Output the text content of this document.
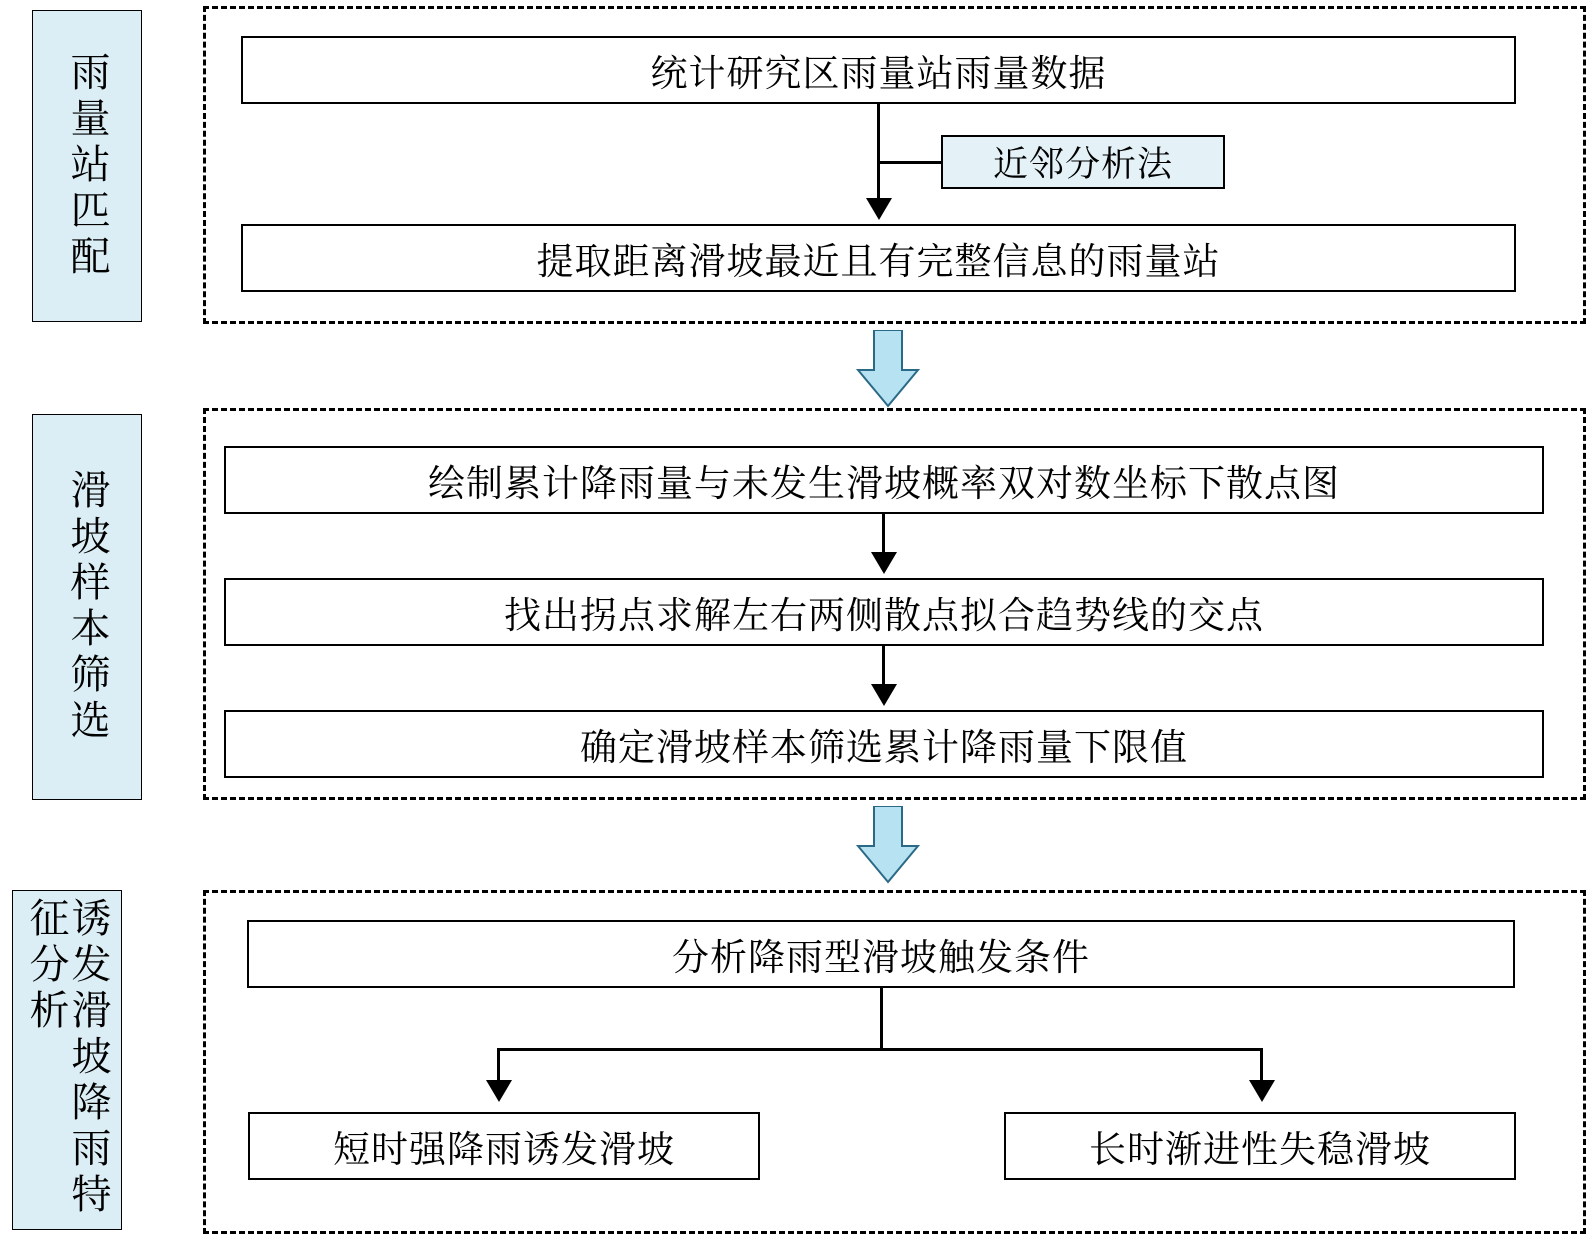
雨量站匹配	统计研究区雨量站雨量数据
近邻分析法
提取距离滑坡最近且有完整信息的雨量站
滑坡样本筛选	绘制累计降雨量与未发生滑坡概率双对数坐标下散点图
找出拐点求解左右两侧散点拟合趋势线的交点
确定滑坡样本筛选累计降雨量下限值
诱发滑坡降雨特征分析	分析降雨型滑坡触发条件
短时强降雨诱发滑坡	长时渐进性失稳滑坡
